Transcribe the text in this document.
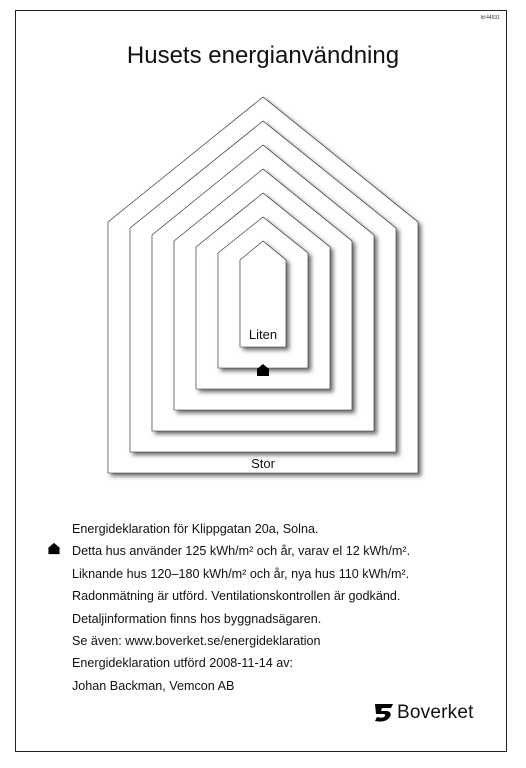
Id:44531
Husets energianvändning
Liten
Stor
Energideklaration för Klippgatan 20a, Solna.
Detta hus använder 125 kWh/m² och år, varav el 12 kWh/m².
Liknande hus 120–180 kWh/m² och år, nya hus 110 kWh/m².
Radonmätning är utförd. Ventilationskontrollen är godkänd.
Detaljinformation finns hos byggnadsägaren.
Se även: www.boverket.se/energideklaration
Energideklaration utförd 2008-11-14 av:
Johan Backman, Vemcon AB
Boverket
